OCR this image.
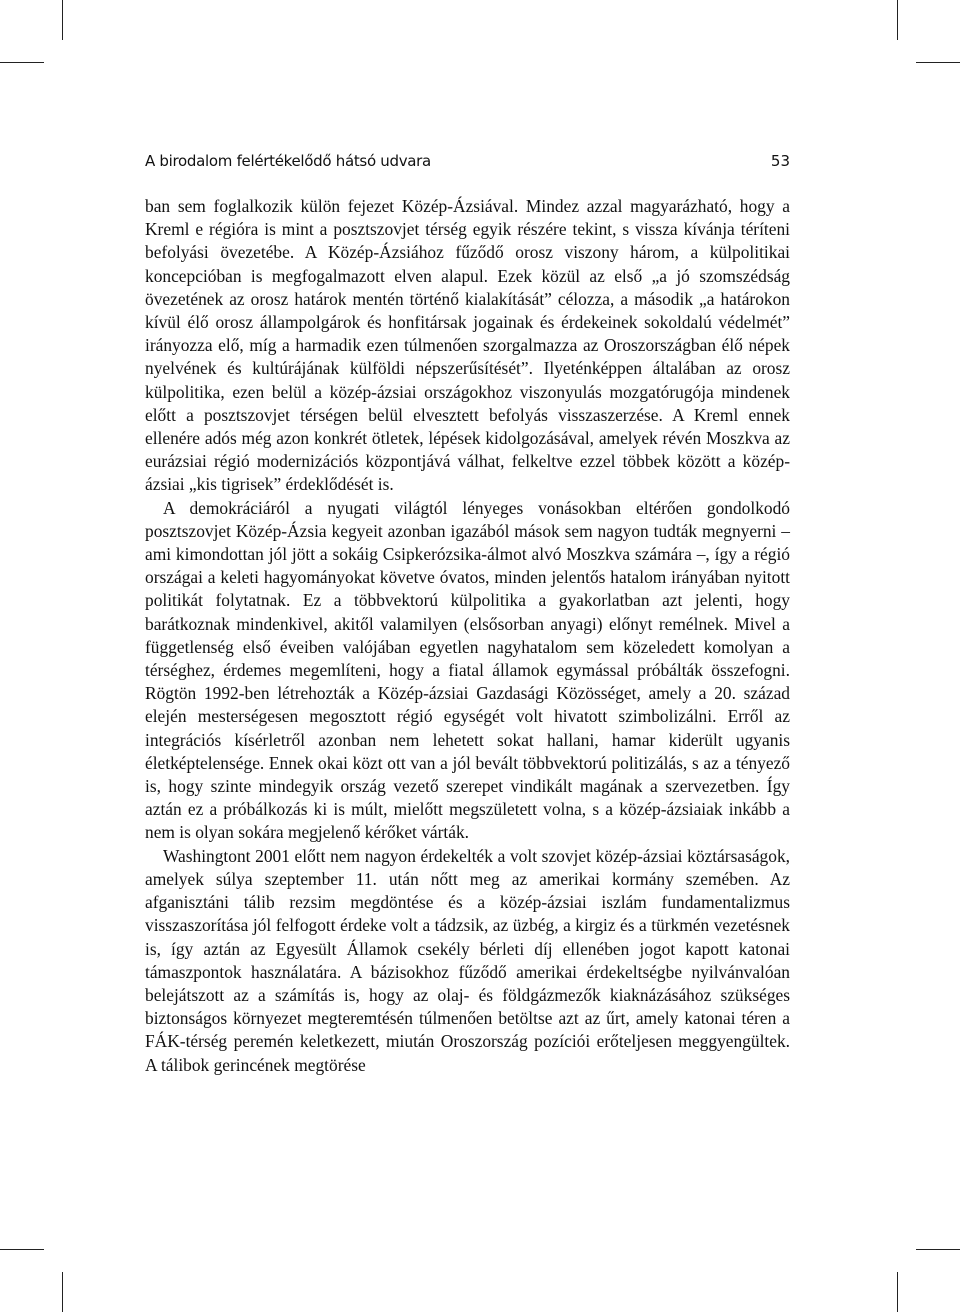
A birodalom felértékelődő hátsó udvara	53

ban sem foglalkozik külön fejezet Közép-Ázsiával. Mindez azzal magyarázható, hogy a Kreml e régióra is mint a posztszovjet térség egyik részére tekint, s vissza kívánja téríteni befolyási övezetébe. A Közép-Ázsiához fűződő orosz viszony három, a külpolitikai koncepcióban is megfogalmazott elven alapul. Ezek közül az első „a jó szomszédság övezetének az orosz határok mentén történő kialakítását” célozza, a második „a határokon kívül élő orosz állampolgárok és honfitársak jogainak és érdekeinek sokoldalú védelmét” irányozza elő, míg a harmadik ezen túlmenően szorgalmazza az Oroszországban élő népek nyelvének és kultúrájának külföldi népszerűsítését”. Ilyeténképpen általában az orosz külpolitika, ezen belül a közép-ázsiai országokhoz viszonyulás mozgatórugója mindenek előtt a posztszovjet térségen belül elvesztett befolyás visszaszerzése. A Kreml ennek ellenére adós még azon konkrét ötletek, lépések kidolgozásával, amelyek révén Moszkva az eurázsiai régió modernizációs központjává válhat, felkeltve ezzel többek között a közép-ázsiai „kis tigrisek” érdeklődését is.

A demokráciáról a nyugati világtól lényeges vonásokban eltérően gondolkodó posztszovjet Közép-Ázsia kegyeit azonban igazából mások sem nagyon tudták megnyerni – ami kimondottan jól jött a sokáig Csipkerózsika-álmot alvó Moszkva számára –, így a régió országai a keleti hagyományokat követve óvatos, minden jelentős hatalom irányában nyitott politikát folytatnak. Ez a többvektorú külpolitika a gyakorlatban azt jelenti, hogy barátkoznak mindenkivel, akitől valamilyen (elsősorban anyagi) előnyt remélnek. Mivel a függetlenség első éveiben valójában egyetlen nagyhatalom sem közeledett komolyan a térséghez, érdemes megemlíteni, hogy a fiatal államok egymással próbálták összefogni. Rögtön 1992-ben létrehozták a Közép-ázsiai Gazdasági Közösséget, amely a 20. század elején mesterségesen megosztott régió egységét volt hivatott szimbolizálni. Erről az integrációs kísérletről azonban nem lehetett sokat hallani, hamar kiderült ugyanis életképtelensége. Ennek okai közt ott van a jól bevált többvektorú politizálás, s az a tényező is, hogy szinte mindegyik ország vezető szerepet vindikált magának a szervezetben. Így aztán ez a próbálkozás ki is múlt, mielőtt megszületett volna, s a közép-ázsiaiak inkább a nem is olyan sokára megjelenő kérőket várták.

Washingtont 2001 előtt nem nagyon érdekelték a volt szovjet közép-ázsiai köztársaságok, amelyek súlya szeptember 11. után nőtt meg az amerikai kormány szemében. Az afganisztáni tálib rezsim megdöntése és a közép-ázsiai iszlám fundamentalizmus visszaszorítása jól felfogott érdeke volt a tádzsik, az üzbég, a kirgiz és a türkmén vezetésnek is, így aztán az Egyesült Államok csekély bérleti díj ellenében jogot kapott katonai támaszpontok használatára. A bázisokhoz fűződő amerikai érdekeltségbe nyilvánvalóan belejátszott az a számítás is, hogy az olaj- és földgázmezők kiaknázásához szükséges biztonságos környezet megteremtésén túlmenően betöltse azt az űrt, amely katonai téren a FÁK-térség peremén keletkezett, miután Oroszország pozíciói erőteljesen meggyengültek. A tálibok gerincének megtörése
